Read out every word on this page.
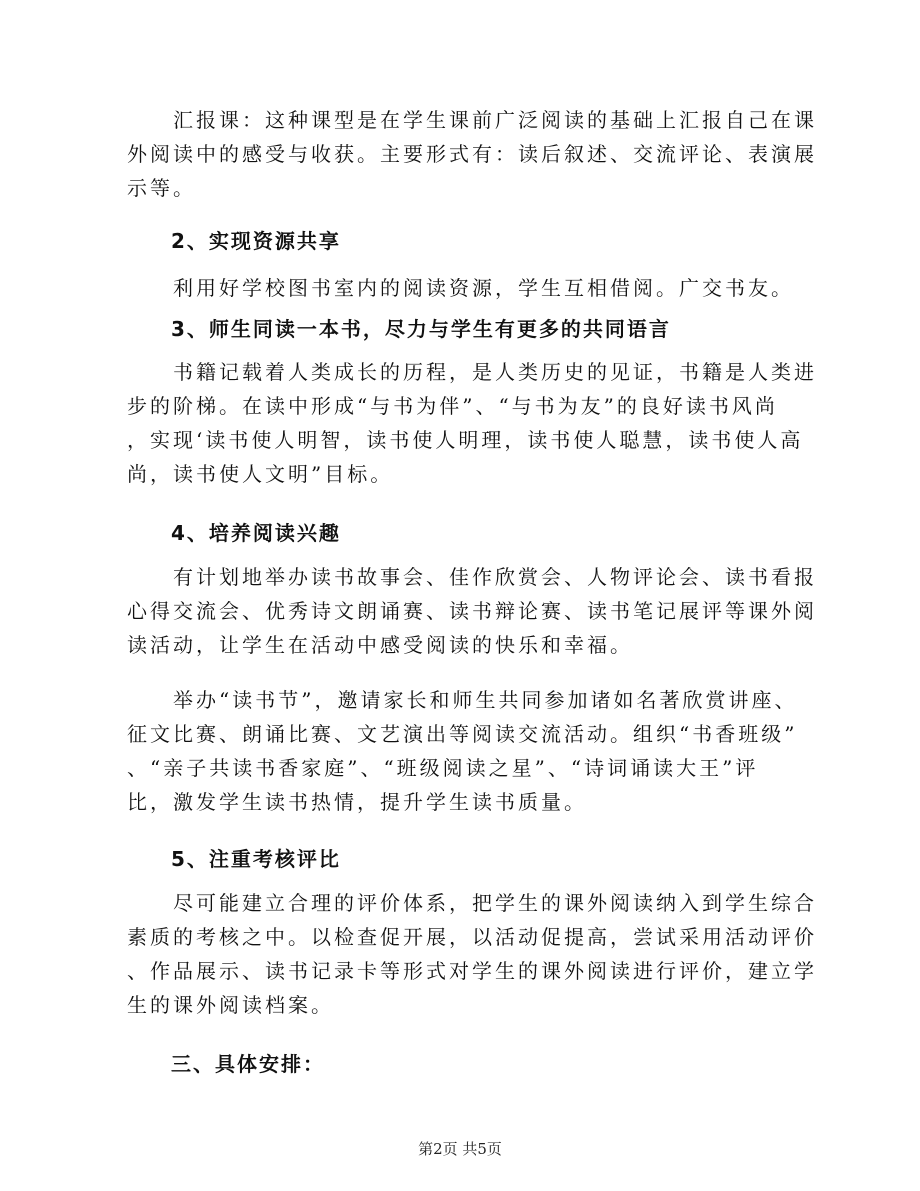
　　汇报课：这种课型是在学生课前广泛阅读的基础上汇报自己在课
外阅读中的感受与收获。主要形式有：读后叙述、交流评论、表演展
示等。

　　2、实现资源共享

　　利用好学校图书室内的阅读资源，学生互相借阅。广交书友。

　　3、师生同读一本书，尽力与学生有更多的共同语言

　　书籍记载着人类成长的历程，是人类历史的见证，书籍是人类进
步的阶梯。在读中形成“与书为伴”、“与书为友”的良好读书风尚
，实现‘读书使人明智，读书使人明理，读书使人聪慧，读书使人高
尚，读书使人文明”目标。

　　4、培养阅读兴趣

　　有计划地举办读书故事会、佳作欣赏会、人物评论会、读书看报
心得交流会、优秀诗文朗诵赛、读书辩论赛、读书笔记展评等课外阅
读活动，让学生在活动中感受阅读的快乐和幸福。

　　举办“读书节”，邀请家长和师生共同参加诸如名著欣赏讲座、
征文比赛、朗诵比赛、文艺演出等阅读交流活动。组织“书香班级”
、“亲子共读书香家庭”、“班级阅读之星”、“诗词诵读大王”评
比，激发学生读书热情，提升学生读书质量。

　　5、注重考核评比

　　尽可能建立合理的评价体系，把学生的课外阅读纳入到学生综合
素质的考核之中。以检查促开展，以活动促提高，尝试采用活动评价
、作品展示、读书记录卡等形式对学生的课外阅读进行评价，建立学
生的课外阅读档案。

　　三、具体安排：

第2页 共5页
